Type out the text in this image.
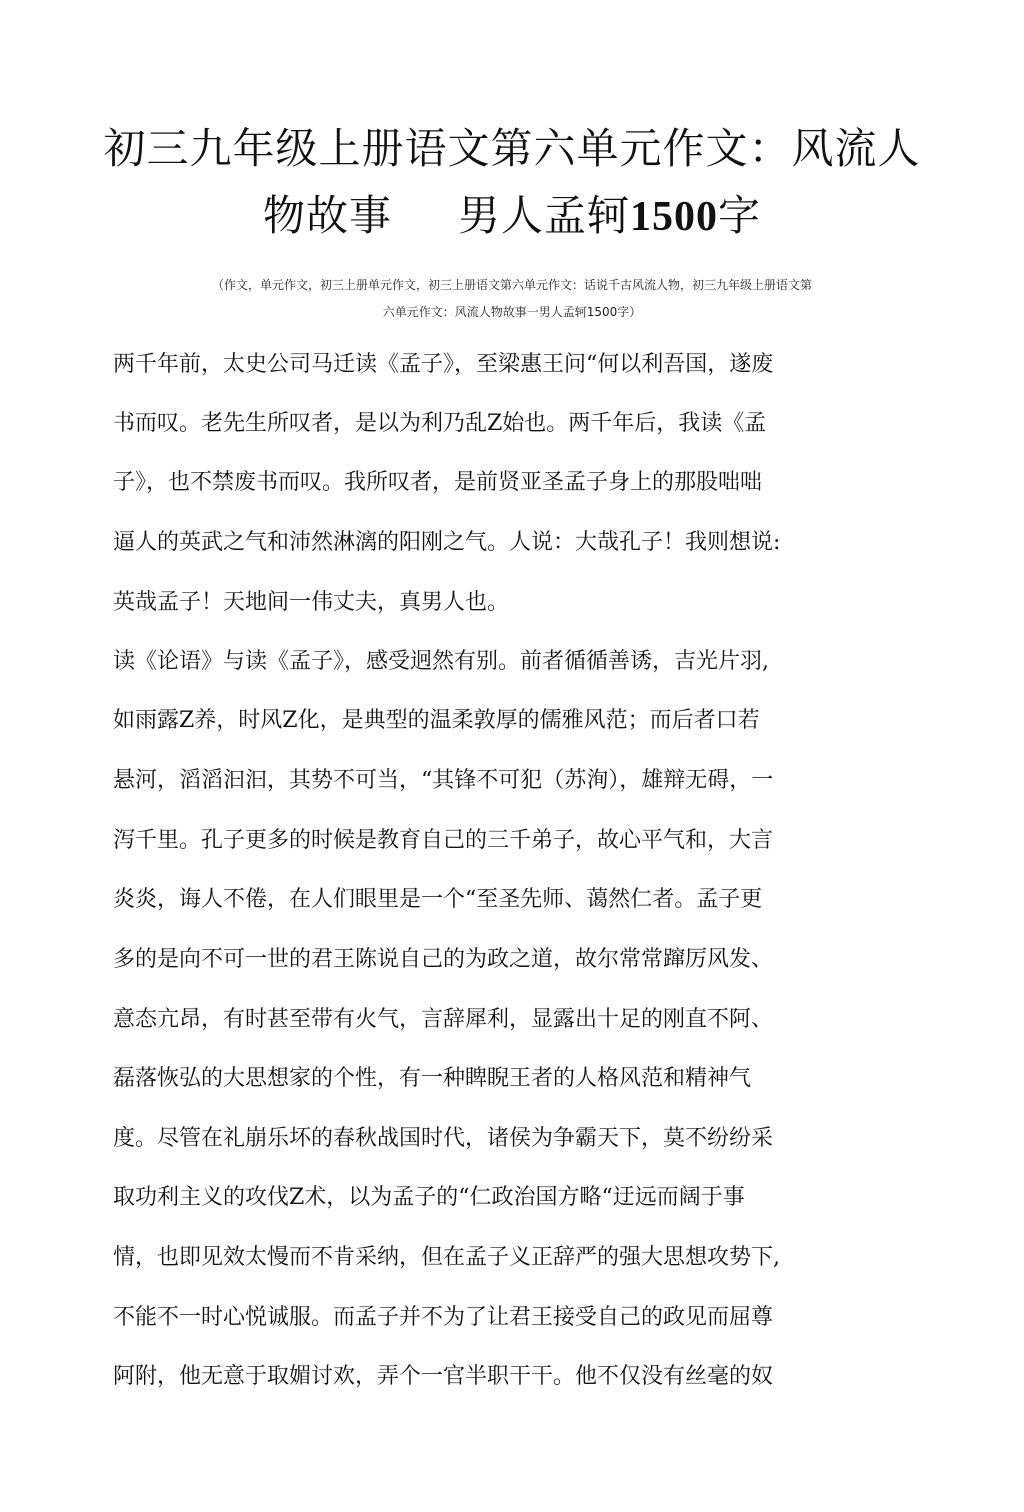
初三九年级上册语文第六单元作文：风流人
物故事 男人孟轲1500字
（作文，单元作文，初三上册单元作文，初三上册语文第六单元作文：话说千古风流人物，初三九年级上册语文第
六单元作文：风流人物故事一男人孟轲1500字）
两千年前，太史公司马迁读《孟子》，至梁惠王问“何以利吾国，遂废
书而叹。老先生所叹者，是以为利乃乱Z始也。两千年后，我读《孟
子》，也不禁废书而叹。我所叹者，是前贤亚圣孟子身上的那股咄咄
逼人的英武之气和沛然淋漓的阳刚之气。人说：大哉孔子！我则想说:
英哉孟子！天地间一伟丈夫，真男人也。
读《论语》与读《孟子》，感受迥然有别。前者循循善诱，吉光片羽,
如雨露Z养，时风Z化，是典型的温柔敦厚的儒雅风范；而后者口若
悬河，滔滔汩汩，其势不可当，“其锋不可犯（苏洵），雄辩无碍，一
泻千里。孔子更多的时候是教育自己的三千弟子，故心平气和，大言
炎炎，诲人不倦，在人们眼里是一个“至圣先师、蔼然仁者。孟子更
多的是向不可一世的君王陈说自己的为政之道，故尔常常蹿厉风发、
意态亢昂，有时甚至带有火气，言辞犀利，显露出十足的刚直不阿、
磊落恢弘的大思想家的个性，有一种睥睨王者的人格风范和精神气
度。尽管在礼崩乐坏的春秋战国时代，诸侯为争霸天下，莫不纷纷采
取功利主义的攻伐Z术，以为孟子的“仁政治国方略“迂远而阔于事
情，也即见效太慢而不肯采纳，但在孟子义正辞严的强大思想攻势下,
不能不一时心悦诚服。而孟子并不为了让君王接受自己的政见而屈尊
阿附，他无意于取媚讨欢，弄个一官半职干干。他不仅没有丝毫的奴
